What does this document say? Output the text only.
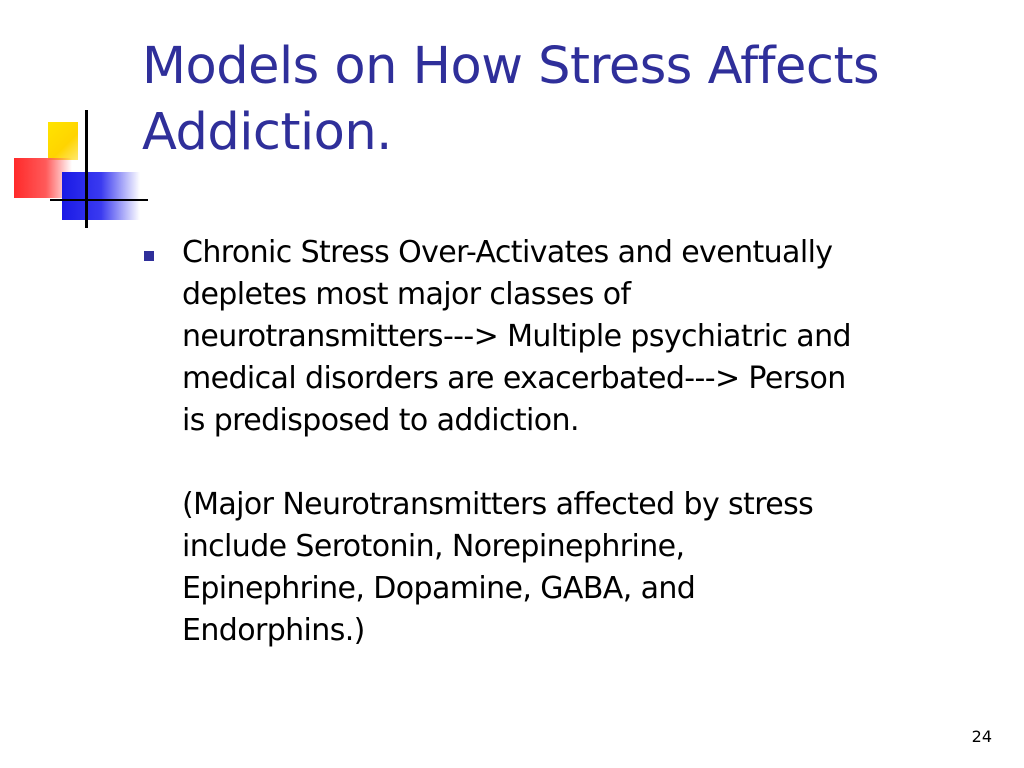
Models on How Stress Affects
Addiction.

Chronic Stress Over-Activates and eventually
depletes most major classes of
neurotransmitters---> Multiple psychiatric and
medical disorders are exacerbated---> Person
is predisposed to addiction.

(Major Neurotransmitters affected by stress
include Serotonin, Norepinephrine,
Epinephrine, Dopamine, GABA, and
Endorphins.)

24
